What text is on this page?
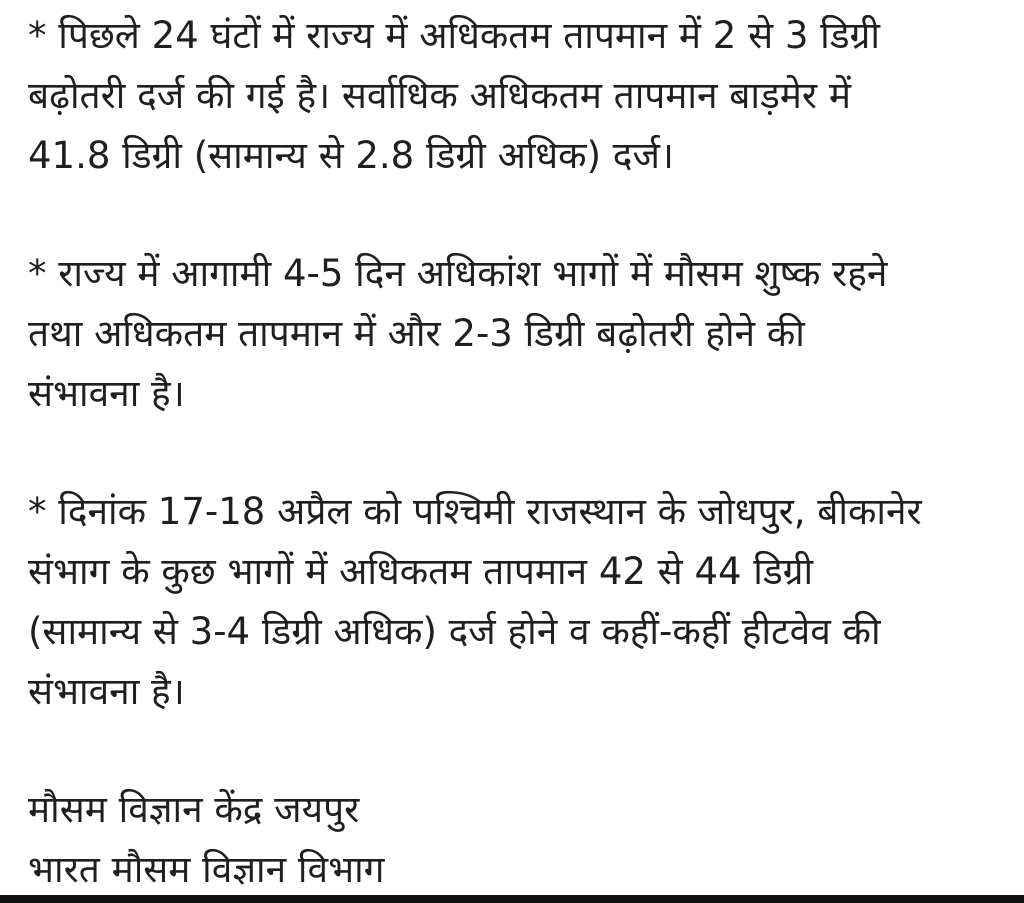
* पिछले 24 घंटों में राज्य में अधिकतम तापमान में 2 से 3 डिग्री
बढ़ोतरी दर्ज की गई है। सर्वाधिक अधिकतम तापमान बाड़मेर में
41.8 डिग्री (सामान्य से 2.8 डिग्री अधिक) दर्ज।

* राज्य में आगामी 4-5 दिन अधिकांश भागों में मौसम शुष्क रहने
तथा अधिकतम तापमान में और 2-3 डिग्री बढ़ोतरी होने की
संभावना है।

* दिनांक 17-18 अप्रैल को पश्चिमी राजस्थान के जोधपुर, बीकानेर
संभाग के कुछ भागों में अधिकतम तापमान 42 से 44 डिग्री
(सामान्य से 3-4 डिग्री अधिक) दर्ज होने व कहीं-कहीं हीटवेव की
संभावना है।

मौसम विज्ञान केंद्र जयपुर
भारत मौसम विज्ञान विभाग
